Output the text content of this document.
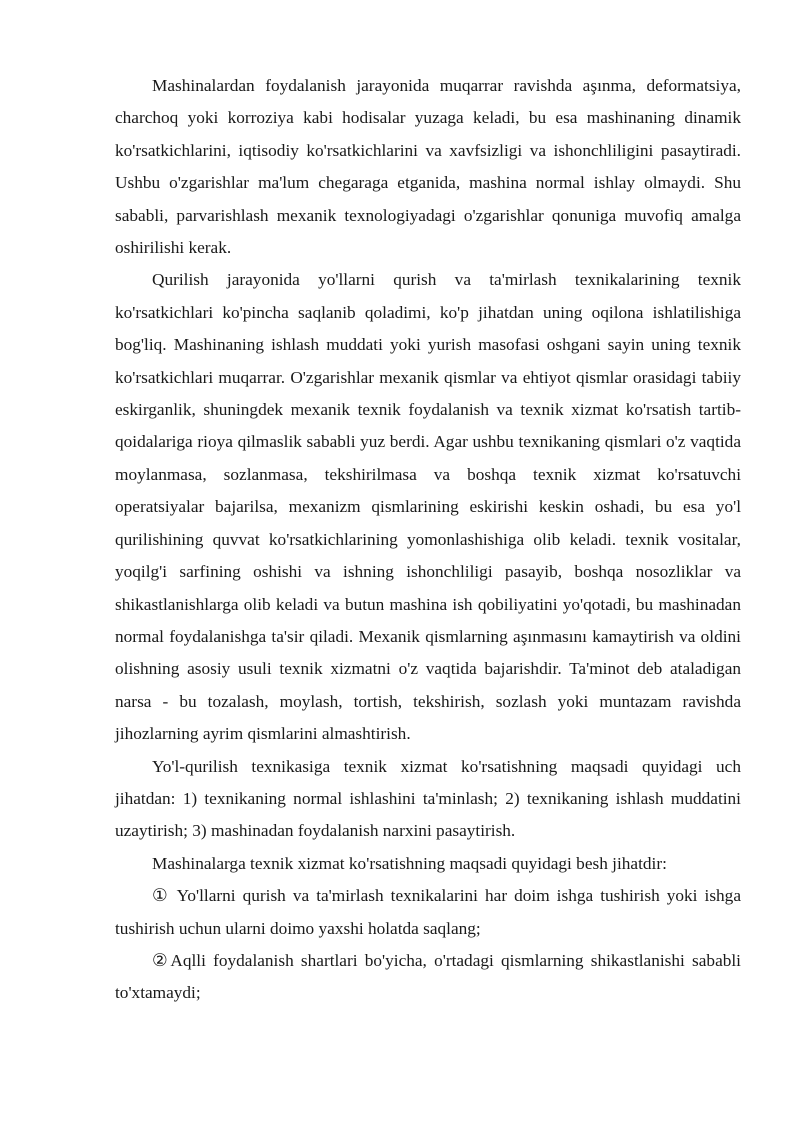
Mashinalardan foydalanish jarayonida muqarrar ravishda aşınma, deformatsiya, charchoq yoki korroziya kabi hodisalar yuzaga keladi, bu esa mashinaning dinamik ko'rsatkichlarini, iqtisodiy ko'rsatkichlarini va xavfsizligi va ishonchliligini pasaytiradi. Ushbu o'zgarishlar ma'lum chegaraga etganida, mashina normal ishlay olmaydi. Shu sababli, parvarishlash mexanik texnologiyadagi o'zgarishlar qonuniga muvofiq amalga oshirilishi kerak.

Qurilish jarayonida yo'llarni qurish va ta'mirlash texnikalarining texnik ko'rsatkichlari ko'pincha saqlanib qoladimi, ko'p jihatdan uning oqilona ishlatilishiga bog'liq. Mashinaning ishlash muddati yoki yurish masofasi oshgani sayin uning texnik ko'rsatkichlari muqarrar. O'zgarishlar mexanik qismlar va ehtiyot qismlar orasidagi tabiiy eskirganlik, shuningdek mexanik texnik foydalanish va texnik xizmat ko'rsatish tartib-qoidalariga rioya qilmaslik sababli yuz berdi. Agar ushbu texnikaning qismlari o'z vaqtida moylanmasa, sozlanmasa, tekshirilmasa va boshqa texnik xizmat ko'rsatuvchi operatsiyalar bajarilsa, mexanizm qismlarining eskirishi keskin oshadi, bu esa yo'l qurilishining quvvat ko'rsatkichlarining yomonlashishiga olib keladi. texnik vositalar, yoqilg'i sarfining oshishi va ishning ishonchliligi pasayib, boshqa nosozliklar va shikastlanishlarga olib keladi va butun mashina ish qobiliyatini yo'qotadi, bu mashinadan normal foydalanishga ta'sir qiladi. Mexanik qismlarning aşınmasını kamaytirish va oldini olishning asosiy usuli texnik xizmatni o'z vaqtida bajarishdir. Ta'minot deb ataladigan narsa - bu tozalash, moylash, tortish, tekshirish, sozlash yoki muntazam ravishda jihozlarning ayrim qismlarini almashtirish.

Yo'l-qurilish texnikasiga texnik xizmat ko'rsatishning maqsadi quyidagi uch jihatdan: 1) texnikaning normal ishlashini ta'minlash; 2) texnikaning ishlash muddatini uzaytirish; 3) mashinadan foydalanish narxini pasaytirish.

Mashinalarga texnik xizmat ko'rsatishning maqsadi quyidagi besh jihatdir:

① Yo'llarni qurish va ta'mirlash texnikalarini har doim ishga tushirish yoki ishga tushirish uchun ularni doimo yaxshi holatda saqlang;

②Aqlli foydalanish shartlari bo'yicha, o'rtadagi qismlarning shikastlanishi sababli to'xtamaydi;
